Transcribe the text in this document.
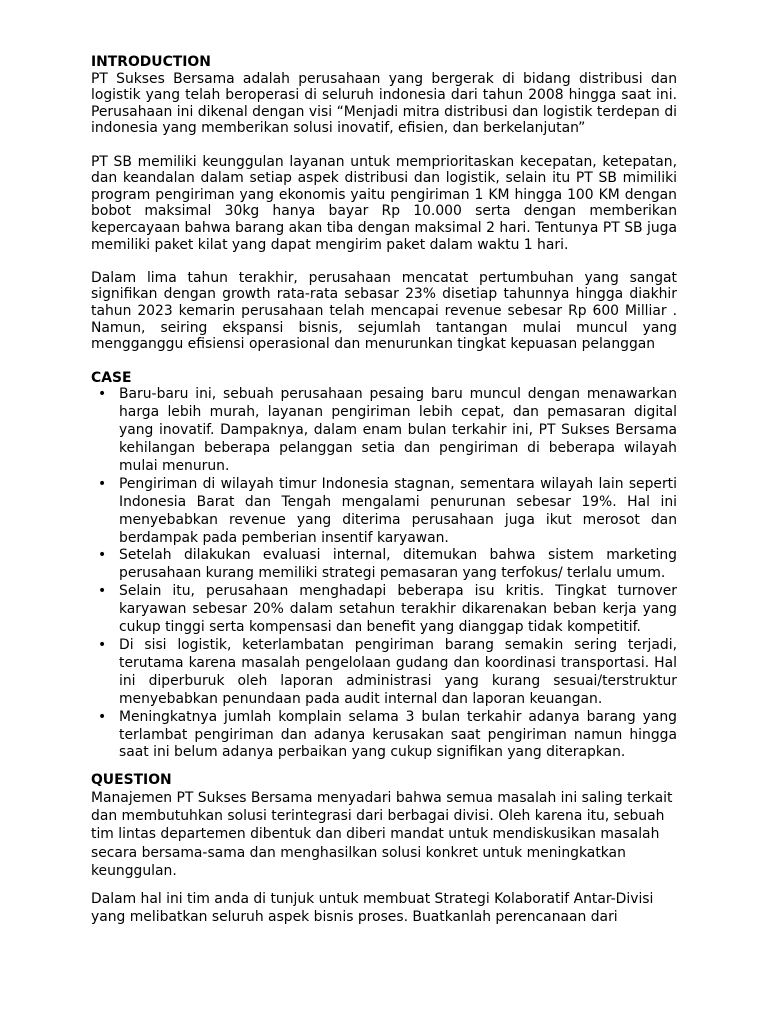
INTRODUCTION

PT Sukses Bersama adalah perusahaan yang bergerak di bidang distribusi dan logistik yang telah beroperasi di seluruh indonesia dari tahun 2008 hingga saat ini. Perusahaan ini dikenal dengan visi “Menjadi mitra distribusi dan logistik terdepan di indonesia yang memberikan solusi inovatif, efisien, dan berkelanjutan”

PT SB memiliki keunggulan layanan untuk memprioritaskan kecepatan, ketepatan, dan keandalan dalam setiap aspek distribusi dan logistik, selain itu PT SB mimiliki program pengiriman yang ekonomis yaitu pengiriman 1 KM hingga 100 KM dengan bobot maksimal 30kg hanya bayar Rp 10.000 serta dengan memberikan kepercayaan bahwa barang akan tiba dengan maksimal 2 hari. Tentunya PT SB juga memiliki paket kilat yang dapat mengirim paket dalam waktu 1 hari.

Dalam lima tahun terakhir, perusahaan mencatat pertumbuhan yang sangat signifikan dengan growth rata-rata sebasar 23% disetiap tahunnya hingga diakhir tahun 2023 kemarin perusahaan telah mencapai revenue sebesar Rp 600 Milliar . Namun, seiring ekspansi bisnis, sejumlah tantangan mulai muncul yang mengganggu efisiensi operasional dan menurunkan tingkat kepuasan pelanggan

CASE
• Baru-baru ini, sebuah perusahaan pesaing baru muncul dengan menawarkan harga lebih murah, layanan pengiriman lebih cepat, dan pemasaran digital yang inovatif. Dampaknya, dalam enam bulan terkahir ini, PT Sukses Bersama kehilangan beberapa pelanggan setia dan pengiriman di beberapa wilayah mulai menurun.
• Pengiriman di wilayah timur Indonesia stagnan, sementara wilayah lain seperti Indonesia Barat dan Tengah mengalami penurunan sebesar 19%. Hal ini menyebabkan revenue yang diterima perusahaan juga ikut merosot dan berdampak pada pemberian insentif karyawan.
• Setelah dilakukan evaluasi internal, ditemukan bahwa sistem marketing perusahaan kurang memiliki strategi pemasaran yang terfokus/ terlalu umum.
• Selain itu, perusahaan menghadapi beberapa isu kritis. Tingkat turnover karyawan sebesar 20% dalam setahun terakhir dikarenakan beban kerja yang cukup tinggi serta kompensasi dan benefit yang dianggap tidak kompetitif.
• Di sisi logistik, keterlambatan pengiriman barang semakin sering terjadi, terutama karena masalah pengelolaan gudang dan koordinasi transportasi. Hal ini diperburuk oleh laporan administrasi yang kurang sesuai/terstruktur menyebabkan penundaan pada audit internal dan laporan keuangan.
• Meningkatnya jumlah komplain selama 3 bulan terkahir adanya barang yang terlambat pengiriman dan adanya kerusakan saat pengiriman namun hingga saat ini belum adanya perbaikan yang cukup signifikan yang diterapkan.
QUESTION

Manajemen PT Sukses Bersama menyadari bahwa semua masalah ini saling terkait dan membutuhkan solusi terintegrasi dari berbagai divisi. Oleh karena itu, sebuah tim lintas departemen dibentuk dan diberi mandat untuk mendiskusikan masalah secara bersama-sama dan menghasilkan solusi konkret untuk meningkatkan keunggulan.

Dalam hal ini tim anda di tunjuk untuk membuat Strategi Kolaboratif Antar-Divisi yang melibatkan seluruh aspek bisnis proses. Buatkanlah perencanaan dari
